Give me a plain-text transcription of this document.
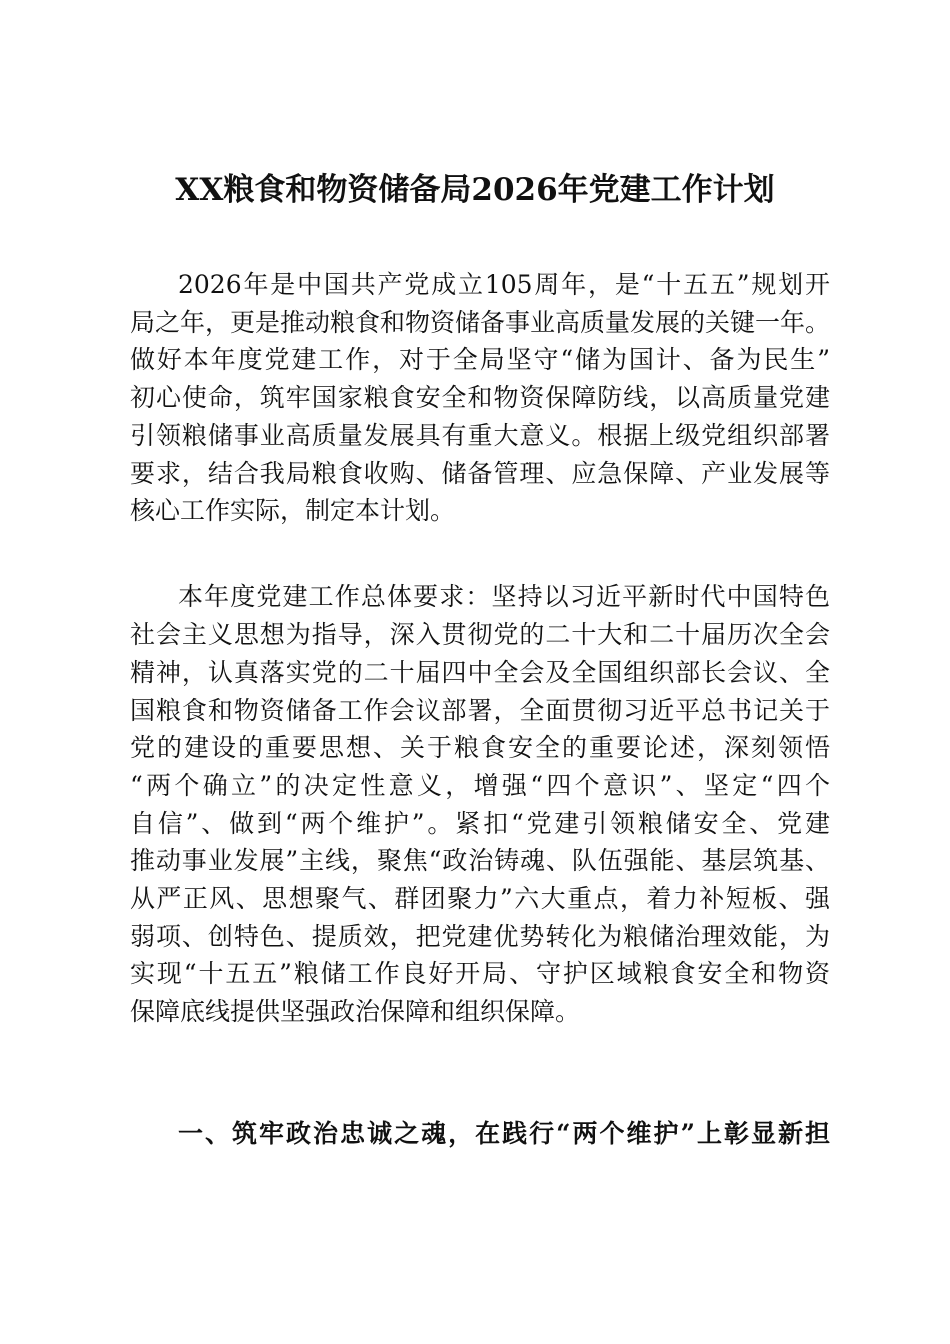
XX粮食和物资储备局2026年党建工作计划
2026年是中国共产党成立105周年，是“十五五”规划开
局之年，更是推动粮食和物资储备事业高质量发展的关键一年。
做好本年度党建工作，对于全局坚守“储为国计、备为民生”
初心使命，筑牢国家粮食安全和物资保障防线，以高质量党建
引领粮储事业高质量发展具有重大意义。根据上级党组织部署
要求，结合我局粮食收购、储备管理、应急保障、产业发展等
核心工作实际，制定本计划。
本年度党建工作总体要求：坚持以习近平新时代中国特色
社会主义思想为指导，深入贯彻党的二十大和二十届历次全会
精神，认真落实党的二十届四中全会及全国组织部长会议、全
国粮食和物资储备工作会议部署，全面贯彻习近平总书记关于
党的建设的重要思想、关于粮食安全的重要论述，深刻领悟
“两个确立”的决定性意义，增强“四个意识”、坚定“四个
自信”、做到“两个维护”。紧扣“党建引领粮储安全、党建
推动事业发展”主线，聚焦“政治铸魂、队伍强能、基层筑基、
从严正风、思想聚气、群团聚力”六大重点，着力补短板、强
弱项、创特色、提质效，把党建优势转化为粮储治理效能，为
实现“十五五”粮储工作良好开局、守护区域粮食安全和物资
保障底线提供坚强政治保障和组织保障。
一、筑牢政治忠诚之魂，在践行“两个维护”上彰显新担
